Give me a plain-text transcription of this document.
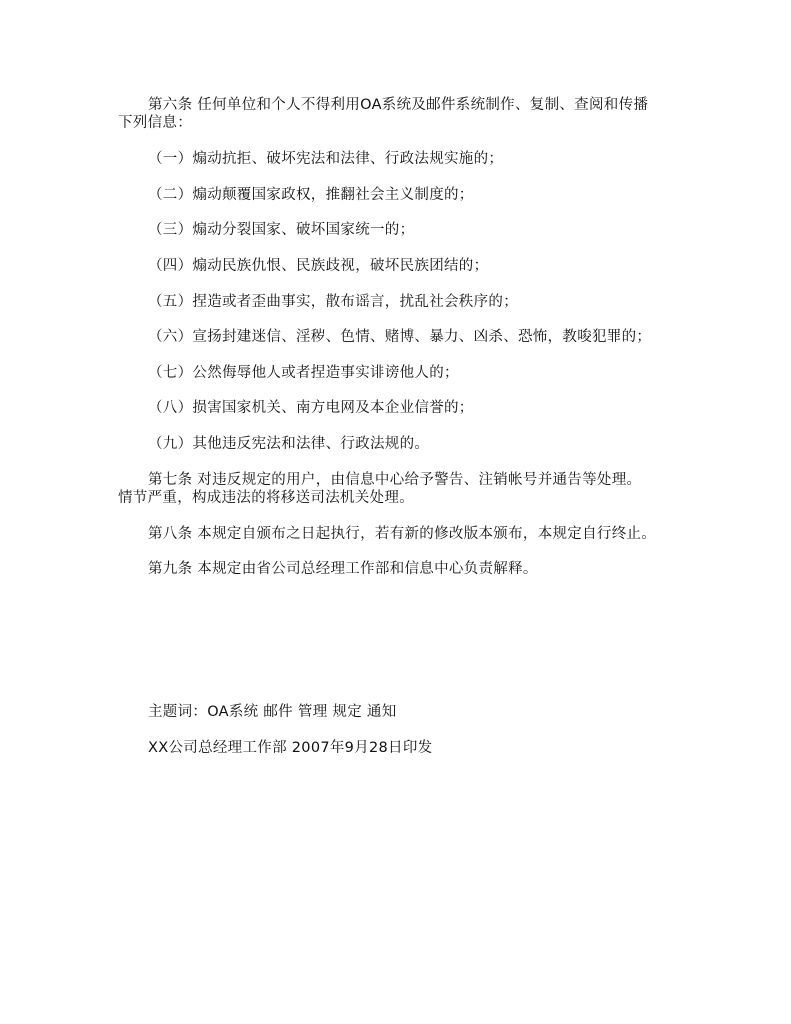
第六条 任何单位和个人不得利用OA系统及邮件系统制作、复制、查阅和传播
下列信息：
（一）煽动抗拒、破坏宪法和法律、行政法规实施的；
（二）煽动颠覆国家政权，推翻社会主义制度的；
（三）煽动分裂国家、破坏国家统一的；
（四）煽动民族仇恨、民族歧视，破坏民族团结的；
（五）捏造或者歪曲事实，散布谣言，扰乱社会秩序的；
（六）宣扬封建迷信、淫秽、色情、赌博、暴力、凶杀、恐怖，教唆犯罪的；
（七）公然侮辱他人或者捏造事实诽谤他人的；
（八）损害国家机关、南方电网及本企业信誉的；
（九）其他违反宪法和法律、行政法规的。
第七条 对违反规定的用户，由信息中心给予警告、注销帐号并通告等处理。
情节严重，构成违法的将移送司法机关处理。
第八条 本规定自颁布之日起执行，若有新的修改版本颁布，本规定自行终止。
第九条 本规定由省公司总经理工作部和信息中心负责解释。
主题词：OA系统 邮件 管理 规定 通知
XX公司总经理工作部 2007年9月28日印发
